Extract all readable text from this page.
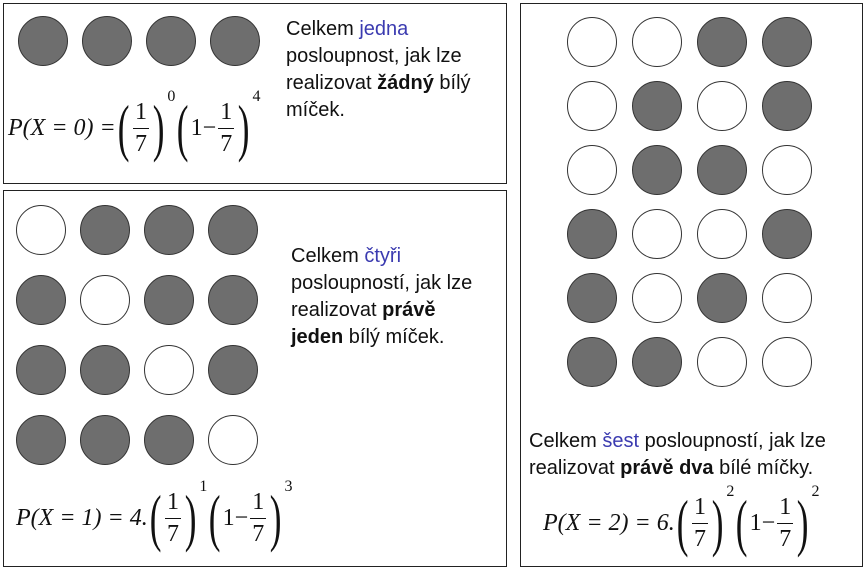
Celkem jedna posloupnost, jak lze realizovat žádný bílý míček.
P(X = 0) = ( $\frac{1}{7}$ ) 0 ( $1- \frac{1}{7}$ ) 4
Celkem čtyři posloupností, jak lze realizovat právě jeden bílý míček.
P(X = 1) = 4. ( $\frac{1}{7}$ ) 1 ( $1- \frac{1}{7}$ ) 3
Celkem šest posloupností, jak lze realizovat právě dva bílé míčky.
P(X = 2) = 6. ( $\frac{1}{7}$ ) 2 ( $1- \frac{1}{7}$ ) 2
